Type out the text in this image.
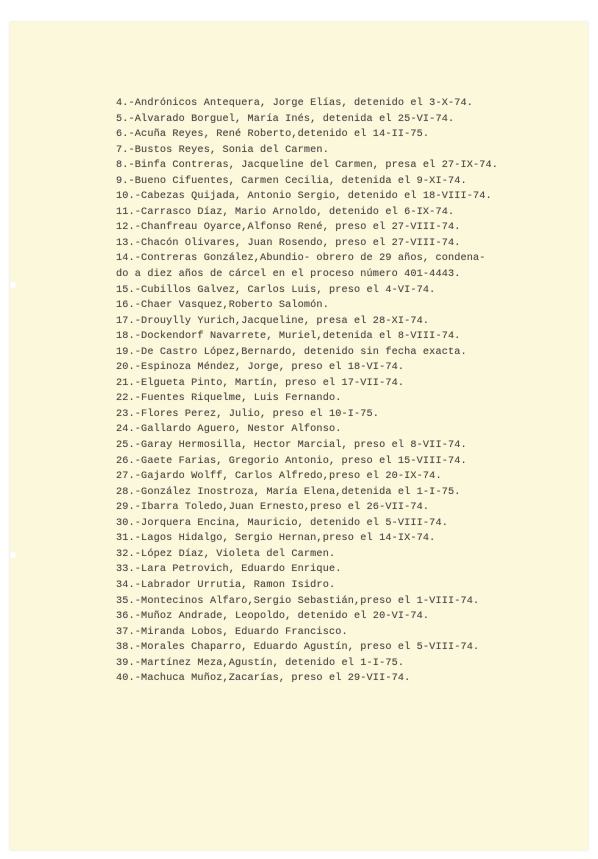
4.-Andrónicos Antequera, Jorge Elías, detenido el 3-X-74.
5.-Alvarado Borguel, María Inés, detenida el 25-VI-74.
6.-Acuña Reyes, René Roberto,detenido el 14-II-75.
7.-Bustos Reyes, Sonia del Carmen.
8.-Binfa Contreras, Jacqueline del Carmen, presa el 27-IX-74.
9.-Bueno Cifuentes, Carmen Cecilia, detenida el 9-XI-74.
10.-Cabezas Quijada, Antonio Sergio, detenido el 18-VIII-74.
11.-Carrasco Díaz, Mario Arnoldo, detenido el 6-IX-74.
12.-Chanfreau Oyarce,Alfonso René, preso el 27-VIII-74.
13.-Chacón Olivares, Juan Rosendo, preso el 27-VIII-74.
14.-Contreras González,Abundio- obrero de 29 años, condena-
do a diez años de cárcel en el proceso número 401-4443.
15.-Cubillos Galvez, Carlos Luis, preso el 4-VI-74.
16.-Chaer Vasquez,Roberto Salomón.
17.-Drouylly Yurich,Jacqueline, presa el 28-XI-74.
18.-Dockendorf Navarrete, Muriel,detenida el 8-VIII-74.
19.-De Castro López,Bernardo, detenido sin fecha exacta.
20.-Espinoza Méndez, Jorge, preso el 18-VI-74.
21.-Elgueta Pinto, Martín, preso el 17-VII-74.
22.-Fuentes Riquelme, Luis Fernando.
23.-Flores Perez, Julio, preso el 10-I-75.
24.-Gallardo Aguero, Nestor Alfonso.
25.-Garay Hermosilla, Hector Marcial, preso el 8-VII-74.
26.-Gaete Farias, Gregorio Antonio, preso el 15-VIII-74.
27.-Gajardo Wolff, Carlos Alfredo,preso el 20-IX-74.
28.-González Inostroza, María Elena,detenida el 1-I-75.
29.-Ibarra Toledo,Juan Ernesto,preso el 26-VII-74.
30.-Jorquera Encina, Mauricio, detenido el 5-VIII-74.
31.-Lagos Hidalgo, Sergio Hernan,preso el 14-IX-74.
32.-López Díaz, Violeta del Carmen.
33.-Lara Petrovich, Eduardo Enrique.
34.-Labrador Urrutia, Ramon Isidro.
35.-Montecinos Alfaro,Sergio Sebastián,preso el 1-VIII-74.
36.-Muñoz Andrade, Leopoldo, detenido el 20-VI-74.
37.-Miranda Lobos, Eduardo Francisco.
38.-Morales Chaparro, Eduardo Agustín, preso el 5-VIII-74.
39.-Martínez Meza,Agustín, detenido el 1-I-75.
40.-Machuca Muñoz,Zacarías, preso el 29-VII-74.
